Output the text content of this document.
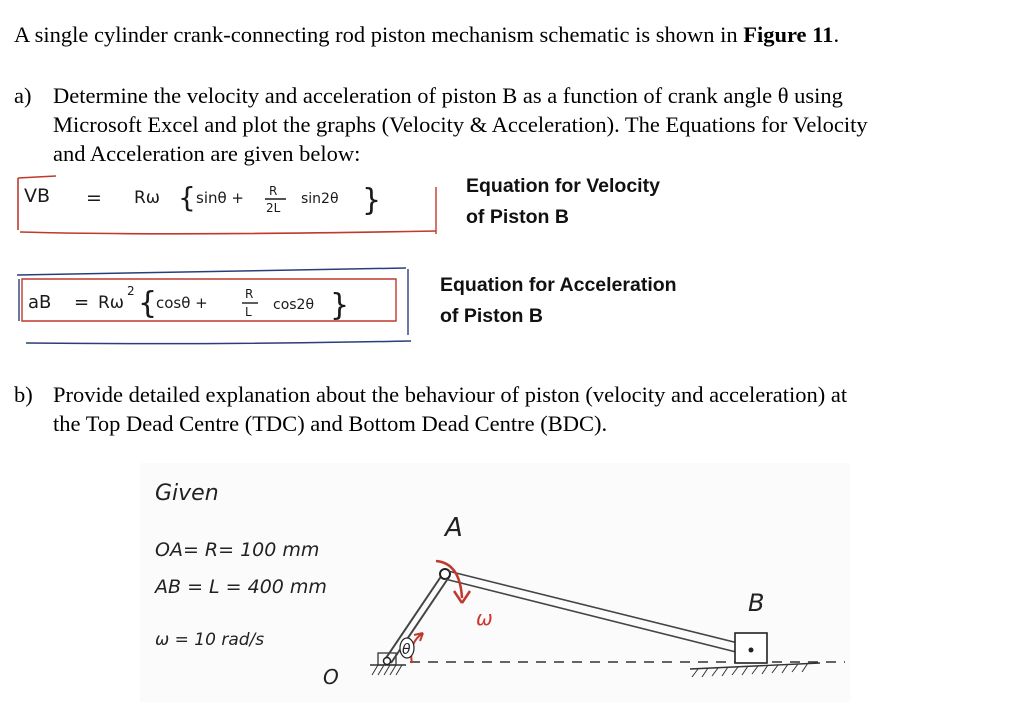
A single cylinder crank-connecting rod piston mechanism schematic is shown in Figure 11.
a) Determine the velocity and acceleration of piston B as a function of crank angle θ using
Microsoft Excel and plot the graphs (Velocity & Acceleration). The Equations for Velocity
and Acceleration are given below:
VB = Rω { sinθ + R
2L
sin2θ }	Equation for Velocity
of Piston B
aB = Rω
2 {
cosθ +	R
L cos2θ }
Equation for Acceleration
of Piston B
b) Provide detailed explanation about the behaviour of piston (velocity and acceleration) at
the Top Dead Centre (TDC) and Bottom Dead Centre (BDC).
Given
OA= R= 100 mm
AB = L = 400 mm
ω = 10 rad/s	θ
ω
A
B
O
